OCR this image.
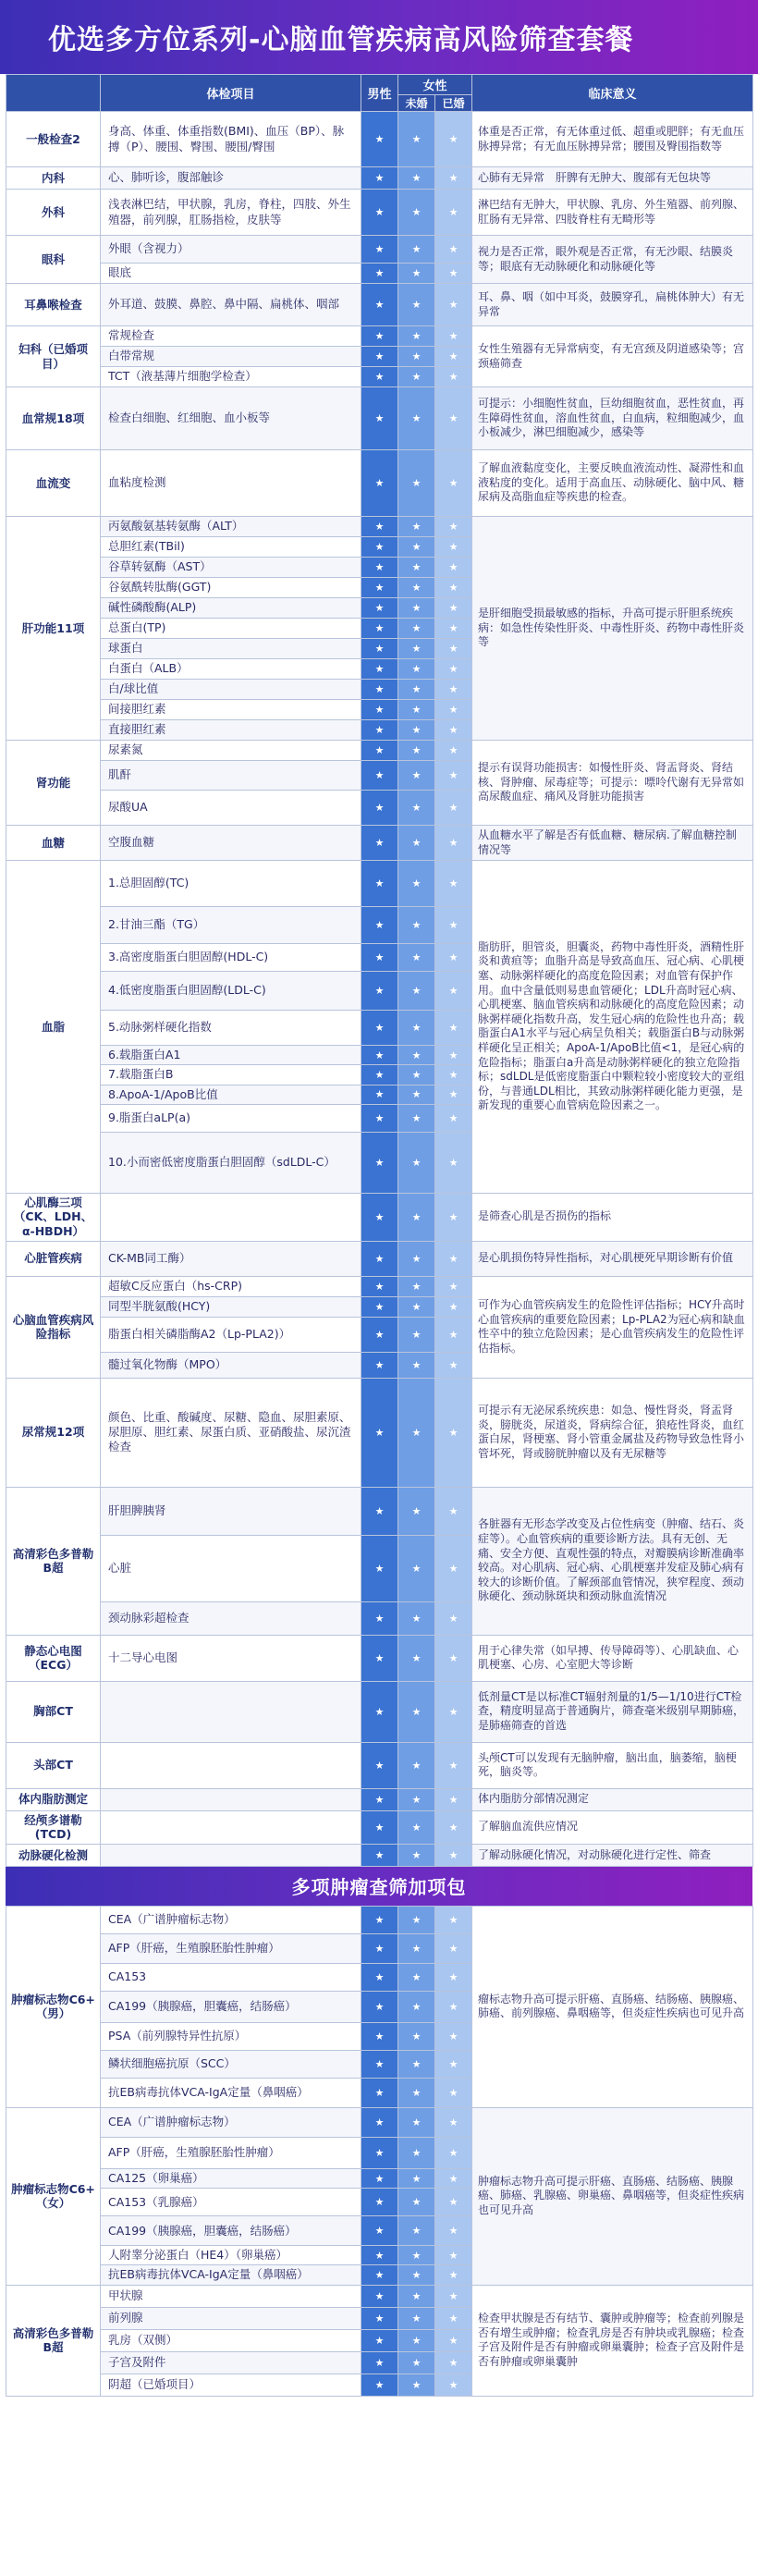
优选多方位系列-心脑血管疾病高风险筛查套餐
	体检项目	男性	女性		临床意义
			未婚	已婚	
一般检查2	身高、体重、体重指数(BMI)、血压（BP）、脉搏（P）、腰围、臀围、腰围/臀围	★	★	★	体重是否正常，有无体重过低、超重或肥胖；有无血压脉搏异常；有无血压脉搏异常；腰围及臀围指数等
内科	心、肺听诊，腹部触诊	★	★	★	心肺有无异常　肝脾有无肿大、腹部有无包块等
外科	浅表淋巴结，甲状腺，乳房，脊柱，四肢、外生殖器，前列腺，肛肠指检，皮肤等	★	★	★	淋巴结有无肿大，甲状腺、乳房、外生殖器、前列腺、肛肠有无异常、四肢脊柱有无畸形等
眼科	外眼（含视力）	★	★	★	视力是否正常，眼外观是否正常，有无沙眼、结膜炎等；眼底有无动脉硬化和动脉硬化等
	眼底	★	★	★	
耳鼻喉检查	外耳道、鼓膜、鼻腔、鼻中隔、扁桃体、咽部	★	★	★	耳、鼻、咽（如中耳炎，鼓膜穿孔，扁桃体肿大）有无异常
妇科（已婚项目）	常规检查	★	★	★	女性生殖器有无异常病变，有无宫颈及阴道感染等；宫颈癌筛查
	白带常规	★	★	★	
	TCT（液基薄片细胞学检查）	★	★	★	
血常规18项	检查白细胞、红细胞、血小板等	★	★	★	可提示：小细胞性贫血，巨幼细胞贫血，恶性贫血，再生障碍性贫血，溶血性贫血，白血病，粒细胞减少，血小板减少，淋巴细胞减少，感染等
血流变	血粘度检测	★	★	★	了解血液黏度变化，主要反映血液流动性、凝滞性和血液粘度的变化。适用于高血压、动脉硬化、脑中风、糖尿病及高脂血症等疾患的检查。
肝功能11项	丙氨酸氨基转氨酶（ALT）	★	★	★	是肝细胞受损最敏感的指标，升高可提示肝胆系统疾病：如急性传染性肝炎、中毒性肝炎、药物中毒性肝炎等
	总胆红素(TBil)	★	★	★	
	谷草转氨酶（AST）	★	★	★	
	谷氨酰转肽酶(GGT)	★	★	★	
	碱性磷酸酶(ALP)	★	★	★	
	总蛋白(TP)	★	★	★	
	球蛋白	★	★	★	
	白蛋白（ALB）	★	★	★	
	白/球比值	★	★	★	
	间接胆红素	★	★	★	
	直接胆红素	★	★	★	
肾功能	尿素氮	★	★	★	提示有误肾功能损害：如慢性肝炎、肾盂肾炎、肾结核、肾肿瘤、尿毒症等；可提示：嘌呤代谢有无异常如高尿酸血症、痛风及肾脏功能损害
	肌酐	★	★	★	
	尿酸UA	★	★	★	
血糖	空腹血糖	★	★	★	从血糖水平了解是否有低血糖、糖尿病.了解血糖控制情况等
血脂	1.总胆固醇(TC)	★	★	★	脂肪肝，胆管炎，胆囊炎，药物中毒性肝炎，酒精性肝炎和黄疸等；血脂升高是导致高血压、冠心病、心肌梗塞、动脉粥样硬化的高度危险因素；对血管有保护作用。血中含量低则易患血管硬化；LDL升高时冠心病、心肌梗塞、脑血管疾病和动脉硬化的高度危险因素；动脉粥样硬化指数升高，发生冠心病的危险性也升高；载脂蛋白A1水平与冠心病呈负相关；载脂蛋白B与动脉粥样硬化呈正相关；ApoA-1/ApoB比值<1，是冠心病的危险指标；脂蛋白a升高是动脉粥样硬化的独立危险指标；sdLDL是低密度脂蛋白中颗粒较小密度较大的亚组份，与普通LDL相比，其致动脉粥样硬化能力更强，是新发现的重要心血管病危险因素之一。
	2.甘油三酯（TG）	★	★	★	
	3.高密度脂蛋白胆固醇(HDL-C)	★	★	★	
	4.低密度脂蛋白胆固醇(LDL-C)	★	★	★	
	5.动脉粥样硬化指数	★	★	★	
	6.载脂蛋白A1	★	★	★	
	7.载脂蛋白B	★	★	★	
	8.ApoA-1/ApoB比值	★	★	★	
	9.脂蛋白aLP(a)	★	★	★	
	10.小而密低密度脂蛋白胆固醇（sdLDL-C）	★	★	★	
心肌酶三项（CK、LDH、α-HBDH）		★	★	★	是筛查心肌是否损伤的指标
心脏管疾病	CK-MB同工酶）	★	★	★	是心肌损伤特异性指标，对心肌梗死早期诊断有价值
心脑血管疾病风险指标	超敏C反应蛋白（hs-CRP)	★	★	★	可作为心血管疾病发生的危险性评估指标；HCY升高时心血管疾病的重要危险因素；Lp-PLA2为冠心病和缺血性卒中的独立危险因素；是心血管疾病发生的危险性评估指标。
	同型半胱氨酸(HCY)	★	★	★	
	脂蛋白相关磷脂酶A2（Lp-PLA2)）	★	★	★	
	髓过氧化物酶（MPO）	★	★	★	
尿常规12项	颜色、比重、酸碱度、尿糖、隐血、尿胆素原、尿胆原、胆红素、尿蛋白质、亚硝酸盐、尿沉渣检查	★	★	★	可提示有无泌尿系统疾患：如急、慢性肾炎，肾盂肾炎，膀胱炎，尿道炎，肾病综合征，狼疮性肾炎，血红蛋白尿，肾梗塞、肾小管重金属盐及药物导致急性肾小管坏死，肾或膀胱肿瘤以及有无尿糖等
高清彩色多普勒B超	肝胆脾胰肾	★	★	★	各脏器有无形态学改变及占位性病变（肿瘤、结石、炎症等）。心血管疾病的重要诊断方法。具有无创、无痛、安全方便、直观性强的特点，对瓣膜病诊断准确率较高。对心肌病、冠心病、心肌梗塞并发症及肺心病有较大的诊断价值。了解颈部血管情况，狭窄程度、颈动脉硬化、颈动脉斑块和颈动脉血流情况
	心脏	★	★	★	
	颈动脉彩超检查	★	★	★	
静态心电图（ECG）	十二导心电图	★	★	★	用于心律失常（如早搏、传导障碍等）、心肌缺血、心肌梗塞、心房、心室肥大等诊断
胸部CT		★	★	★	低剂量CT是以标准CT辐射剂量的1/5—1/10进行CT检查，精度明显高于普通胸片，筛查毫米级别早期肺癌，是肺癌筛查的首选
头部CT		★	★	★	头颅CT可以发现有无脑肿瘤，脑出血，脑萎缩，脑梗死，脑炎等。
体内脂肪测定		★	★	★	体内脂肪分部情况测定
经颅多谱勒(TCD)		★	★	★	了解脑血流供应情况
动脉硬化检测		★	★	★	了解动脉硬化情况，对动脉硬化进行定性、筛查
多项肿瘤查筛加项包
肿瘤标志物C6+（男）	CEA（广谱肿瘤标志物）	★	★	★	瘤标志物升高可提示肝癌、直肠癌、结肠癌、胰腺癌、肺癌、前列腺癌、鼻咽癌等，但炎症性疾病也可见升高
	AFP（肝癌，生殖腺胚胎性肿瘤）	★	★	★	
	CA153	★	★	★	
	CA199（胰腺癌，胆囊癌，结肠癌）	★	★	★	
	PSA（前列腺特异性抗原）	★	★	★	
	鳞状细胞癌抗原（SCC）	★	★	★	
	抗EB病毒抗体VCA-IgA定量（鼻咽癌）	★	★	★	
肿瘤标志物C6+（女）	CEA（广谱肿瘤标志物）	★	★	★	肿瘤标志物升高可提示肝癌、直肠癌、结肠癌、胰腺癌、肺癌、乳腺癌、卵巢癌、鼻咽癌等，但炎症性疾病也可见升高
	AFP（肝癌，生殖腺胚胎性肿瘤）	★	★	★	
	CA125（卵巢癌）	★	★	★	
	CA153（乳腺癌）	★	★	★	
	CA199（胰腺癌，胆囊癌，结肠癌）	★	★	★	
	人附睾分泌蛋白（HE4）（卵巢癌）	★	★	★	
	抗EB病毒抗体VCA-IgA定量（鼻咽癌）	★	★	★	
高清彩色多普勒B超	甲状腺	★	★	★	检查甲状腺是否有结节、囊肿或肿瘤等；检查前列腺是否有增生或肿瘤；检查乳房是否有肿块或乳腺癌；检查子宫及附件是否有肿瘤或卵巢囊肿；检查子宫及附件是否有肿瘤或卵巢囊肿
	前列腺	★	★	★	
	乳房（双侧）	★	★	★	
	子宫及附件	★	★	★	
	阴超（已婚项目）	★	★	★	
